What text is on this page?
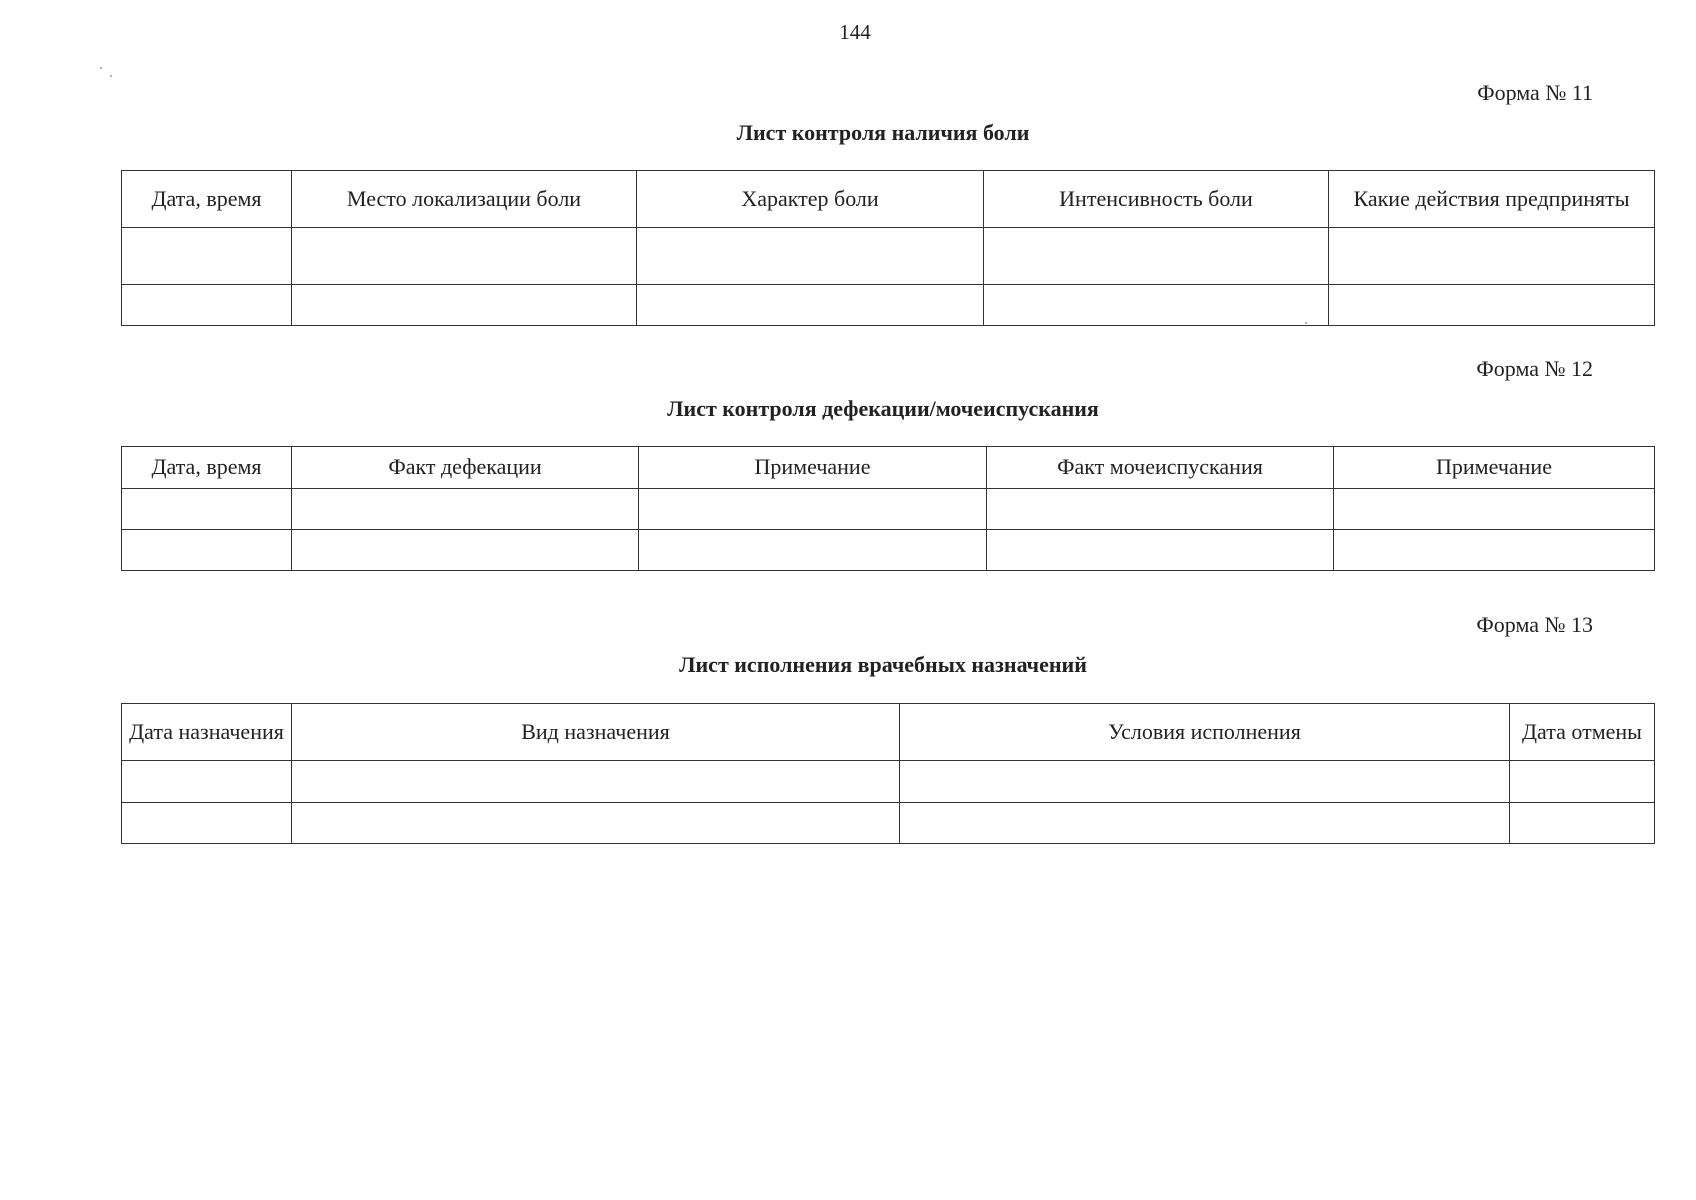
144
Форма № 11
Лист контроля наличия боли
Дата, время	Место локализации боли	Характер боли	Интенсивность боли	Какие действия предприняты

Форма № 12
Лист контроля дефекации/мочеиспускания
Дата, время	Факт дефекации	Примечание	Факт мочеиспускания	Примечание

Форма № 13
Лист исполнения врачебных назначений
Дата назначения	Вид назначения	Условия исполнения	Дата отмены
